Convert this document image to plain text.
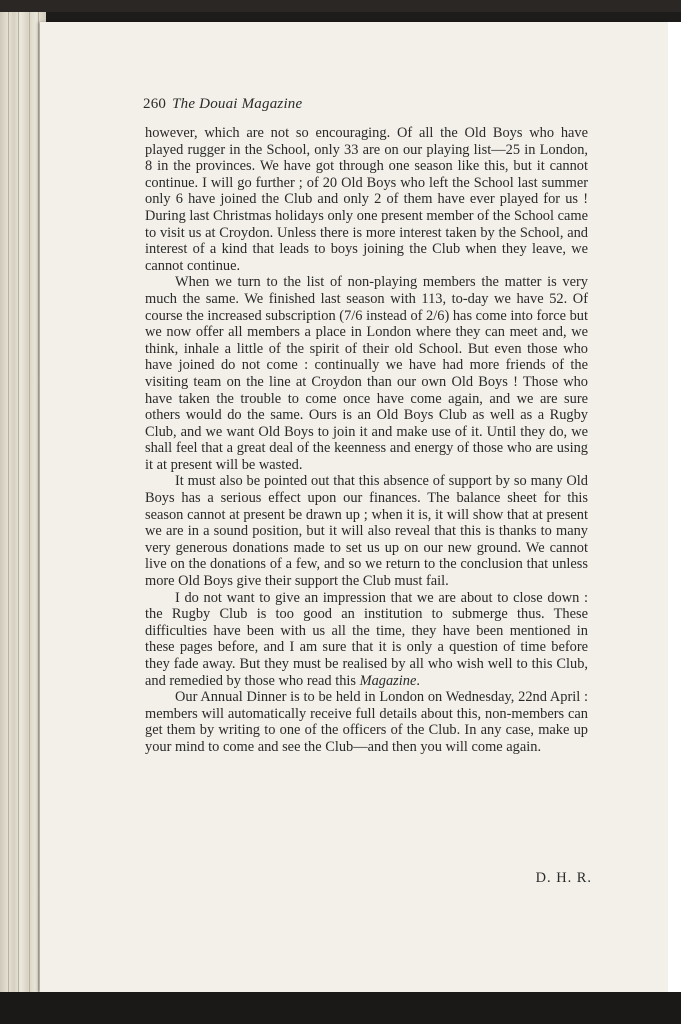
260 The Douai Magazine

however, which are not so encouraging. Of all the Old Boys who have played rugger in the School, only 33 are on our playing list—25 in London, 8 in the provinces. We have got through one season like this, but it cannot continue. I will go further ; of 20 Old Boys who left the School last summer only 6 have joined the Club and only 2 of them have ever played for us ! During last Christmas holidays only one present member of the School came to visit us at Croydon. Unless there is more interest taken by the School, and interest of a kind that leads to boys joining the Club when they leave, we cannot continue.

When we turn to the list of non-playing members the matter is very much the same. We finished last season with 113, to-day we have 52. Of course the increased subscription (7/6 instead of 2/6) has come into force but we now offer all members a place in London where they can meet and, we think, inhale a little of the spirit of their old School. But even those who have joined do not come : continually we have had more friends of the visiting team on the line at Croydon than our own Old Boys ! Those who have taken the trouble to come once have come again, and we are sure others would do the same. Ours is an Old Boys Club as well as a Rugby Club, and we want Old Boys to join it and make use of it. Until they do, we shall feel that a great deal of the keenness and energy of those who are using it at present will be wasted.

It must also be pointed out that this absence of support by so many Old Boys has a serious effect upon our finances. The balance sheet for this season cannot at present be drawn up ; when it is, it will show that at present we are in a sound position, but it will also reveal that this is thanks to many very generous donations made to set us up on our new ground. We cannot live on the donations of a few, and so we return to the conclusion that unless more Old Boys give their support the Club must fail.

I do not want to give an impression that we are about to close down : the Rugby Club is too good an institution to submerge thus. These difficulties have been with us all the time, they have been mentioned in these pages before, and I am sure that it is only a question of time before they fade away. But they must be realised by all who wish well to this Club, and remedied by those who read this Magazine.

Our Annual Dinner is to be held in London on Wednesday, 22nd April : members will automatically receive full details about this, non-members can get them by writing to one of the officers of the Club. In any case, make up your mind to come and see the Club—and then you will come again.

D. H. R.
